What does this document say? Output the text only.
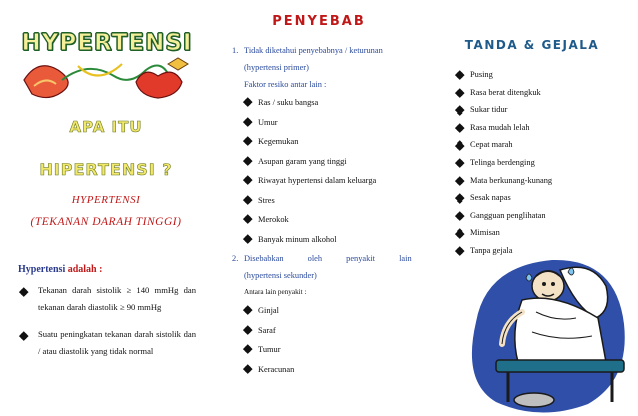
HYPERTENSI
APA ITU
HIPERTENSI ?
HYPERTENSI
(TEKANAN DARAH TINGGI)
Hypertensi adalah :
Tekanan darah sistolik ≥ 140 mmHg dan tekanan darah diastolik ≥ 90 mmHg
Suatu peningkatan tekanan darah sistolik dan / atau diastolik yang tidak normal
PENYEBAB
1. Tidak diketahui penyebabnya / keturunan
(hypertensi primer)
Faktor resiko antar lain :
Ras / suku bangsa
Umur
Kegemukan
Asupan garam yang tinggi
Riwayat hypertensi dalam keluarga
Stres
Merokok
Banyak minum alkohol
2. Disebabkan oleh penyakit lain
(hypertensi sekunder)
Antara lain penyakit :
Ginjal
Saraf
Tumur
Keracunan
TANDA & GEJALA
Pusing
Rasa berat ditengkuk
Sukar tidur
Rasa mudah lelah
Cepat marah
Telinga berdenging
Mata berkunang-kunang
Sesak napas
Gangguan penglihatan
Mimisan
Tanpa gejala
